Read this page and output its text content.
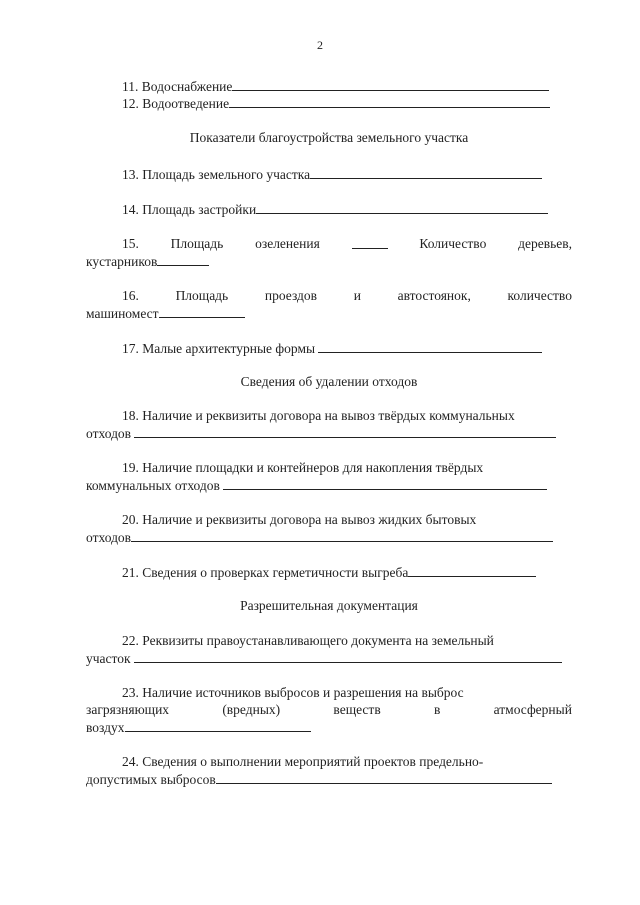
2
11. Водоснабжение
12. Водоотведение
Показатели благоустройства земельного участка
13. Площадь земельного участка
14. Площадь застройки
15. Площадь озеленения	Количество деревьев,
кустарников
16.	Площадь	проездов	и	автостоянок,	количество
машиномест
17. Малые архитектурные формы
Сведения об удалении отходов
18. Наличие и реквизиты договора на вывоз твёрдых коммунальных
отходов
19. Наличие площадки и контейнеров для накопления твёрдых
коммунальных отходов
20. Наличие и реквизиты договора на вывоз жидких бытовых
отходов
21. Сведения о проверках герметичности выгреба
Разрешительная документация
22. Реквизиты правоустанавливающего документа на земельный
участок
23. Наличие источников выбросов и разрешения на выброс
загрязняющих	(вредных)	веществ	в	атмосферный
воздух
24. Сведения о выполнении мероприятий проектов предельно-
допустимых выбросов
